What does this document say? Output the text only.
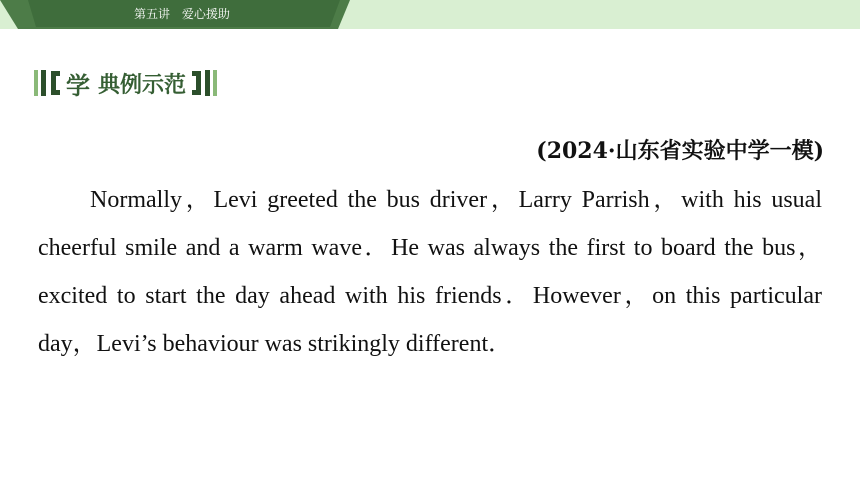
第五讲 爱心援助
学 典例示范
(2024·山东省实验中学一模)

Normally，Levi greeted the bus driver，Larry Parrish，with his usual cheerful smile and a warm wave．He was always the first to board the bus，excited to start the day ahead with his friends．However，on this particular day，Levi’s behaviour was strikingly different．
